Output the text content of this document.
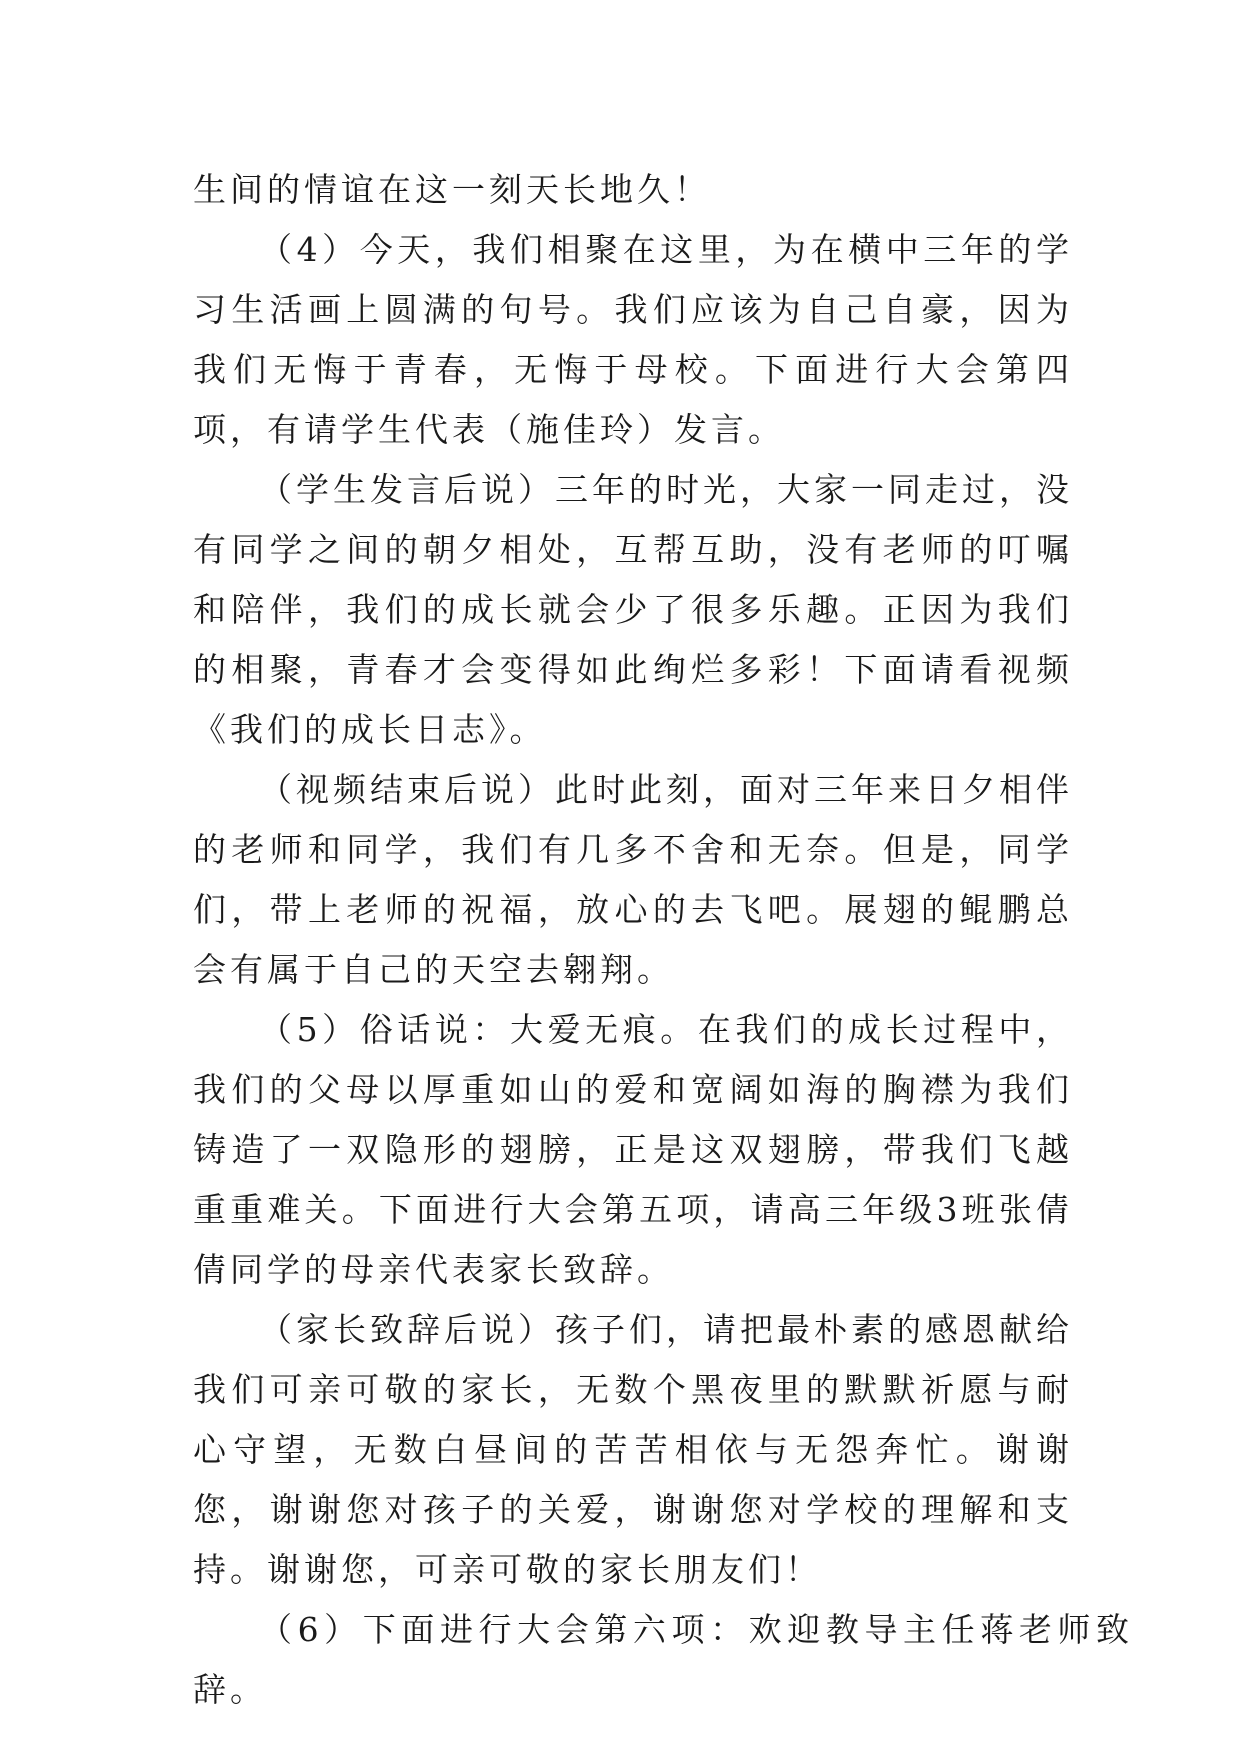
生间的情谊在这一刻天长地久！

（4）今天，我们相聚在这里，为在横中三年的学习生活画上圆满的句号。我们应该为自己自豪，因为我们无悔于青春，无悔于母校。下面进行大会第四项，有请学生代表（施佳玲）发言。

（学生发言后说）三年的时光，大家一同走过，没有同学之间的朝夕相处，互帮互助，没有老师的叮嘱和陪伴，我们的成长就会少了很多乐趣。正因为我们的相聚，青春才会变得如此绚烂多彩！下面请看视频《我们的成长日志》。

（视频结束后说）此时此刻，面对三年来日夕相伴的老师和同学，我们有几多不舍和无奈。但是，同学们，带上老师的祝福，放心的去飞吧。展翅的鲲鹏总会有属于自己的天空去翱翔。

（5）俗话说：大爱无痕。在我们的成长过程中，我们的父母以厚重如山的爱和宽阔如海的胸襟为我们铸造了一双隐形的翅膀，正是这双翅膀，带我们飞越重重难关。下面进行大会第五项，请高三年级3班张倩倩同学的母亲代表家长致辞。

（家长致辞后说）孩子们，请把最朴素的感恩献给我们可亲可敬的家长，无数个黑夜里的默默祈愿与耐心守望，无数白昼间的苦苦相依与无怨奔忙。谢谢您，谢谢您对孩子的关爱，谢谢您对学校的理解和支持。谢谢您，可亲可敬的家长朋友们！

（6）下面进行大会第六项：欢迎教导主任蒋老师致辞。
